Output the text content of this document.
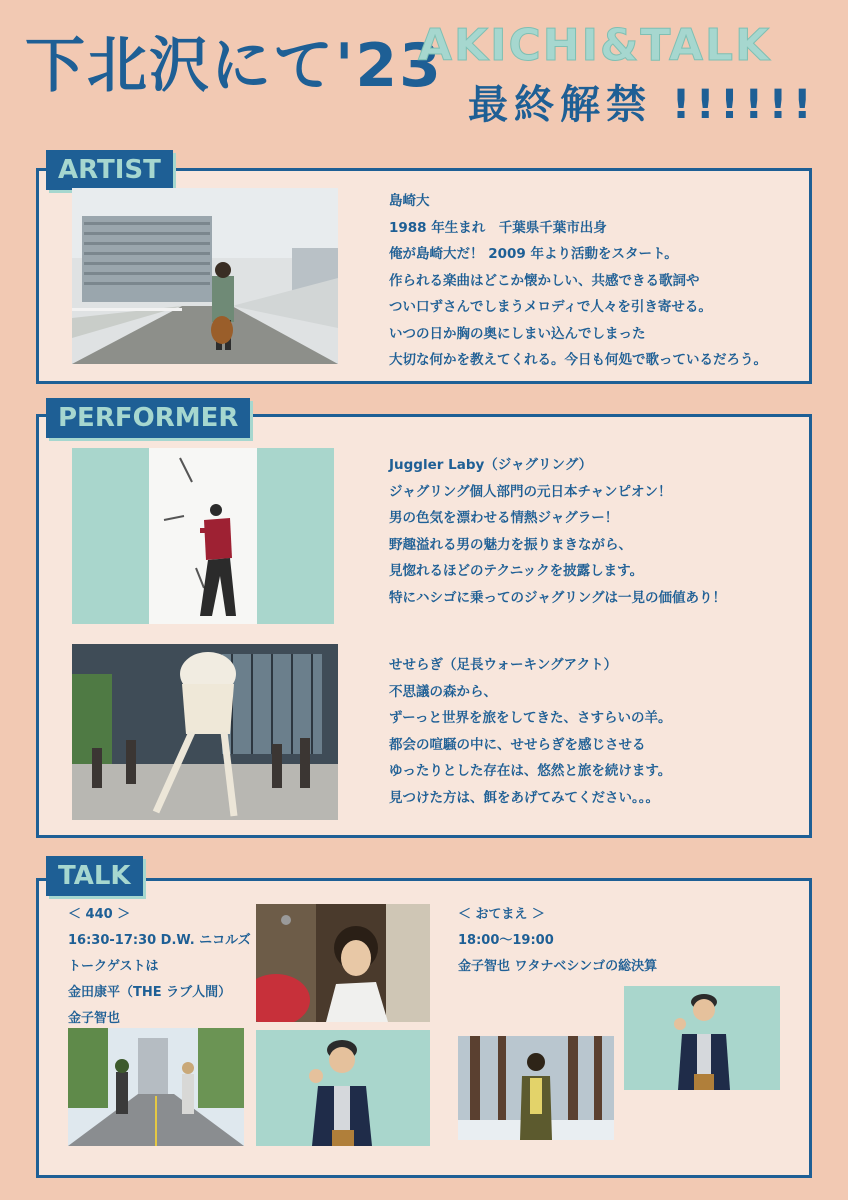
下北沢にて'23
AKICHI&TALK
最終解禁 !!!!!!
ARTIST
島崎大
1988 年生まれ　千葉県千葉市出身
俺が島崎大だ！ 2009 年より活動をスタート。
作られる楽曲はどこか懐かしい、共感できる歌詞や
つい口ずさんでしまうメロディで人々を引き寄せる。
いつの日か胸の奥にしまい込んでしまった
大切な何かを教えてくれる。今日も何処で歌っているだろう。
PERFORMER
Juggler Laby（ジャグリング）
ジャグリング個人部門の元日本チャンピオン！
男の色気を漂わせる情熱ジャグラー！
野趣溢れる男の魅力を振りまきながら、
見惚れるほどのテクニックを披露します。
特にハシゴに乗ってのジャグリングは一見の価値あり！
せせらぎ（足長ウォーキングアクト）
不思議の森から、
ずーっと世界を旅をしてきた、さすらいの羊。
都会の喧騒の中に、せせらぎを感じさせる
ゆったりとした存在は、悠然と旅を続けます。
見つけた方は、餌をあげてみてください。。。
TALK
＜ 440 ＞
16:30-17:30 D.W. ニコルズ
トークゲストは
金田康平（THE ラブ人間）
金子智也
＜ おてまえ ＞
18:00〜19:00
金子智也 ワタナベシンゴの総決算
